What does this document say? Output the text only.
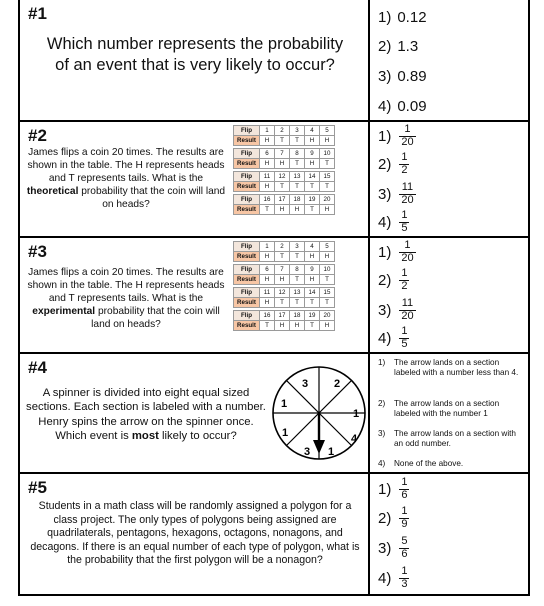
#1
Which number represents the probability of an event that is very likely to occur?
1) 0.12
2) 1.3
3) 0.89
4) 0.09
#2
James flips a coin 20 times. The results are shown in the table. The H represents heads and T represents tails. What is the theoretical probability that the coin will land on heads?
Flip	1	2	3	4	5
Result	H	T	T	H	H
Flip	6	7	8	9	10
Result	H	H	T	H	T
Flip	11	12	13	14	15
Result	H	T	T	T	T
Flip	16	17	18	19	20
Result	T	H	H	T	H
$1) \frac{1}{20}$
$2) \frac{1}{2}$
$3) \frac{11}{20}$
$4) \frac{1}{5}$
#3
James flips a coin 20 times. The results are shown in the table. The H represents heads and T represents tails. What is the experimental probability that the coin will land on heads?
Flip	1	2	3	4	5
Result	H	T	T	H	H
Flip	6	7	8	9	10
Result	H	H	T	H	T
Flip	11	12	13	14	15
Result	H	T	T	T	T
Flip	16	17	18	19	20
Result	T	H	H	T	H
$1) \frac{1}{20}$
$2) \frac{1}{2}$
$3) \frac{11}{20}$
$4) \frac{1}{5}$
#4
A spinner is divided into eight equal sized sections. Each section is labeled with a number. Henry spins the arrow on the spinner once. Which event is most likely to occur?
2
1
4
1
3
1
1
3
1)	The arrow lands on a section labeled with a number less than 4.
2)	The arrow lands on a section labeled with the number 1
3)	The arrow lands on a section with an odd number.
4)	None of the above.
#5
Students in a math class will be randomly assigned a polygon for a class project. The only types of polygons being assigned are quadrilaterals, pentagons, hexagons, octagons, nonagons, and decagons. If there is an equal number of each type of polygon, what is the probability that the first polygon will be a nonagon?
$1) \frac{1}{6}$
$2) \frac{1}{9}$
$3) \frac{5}{6}$
$4) \frac{1}{3}$
